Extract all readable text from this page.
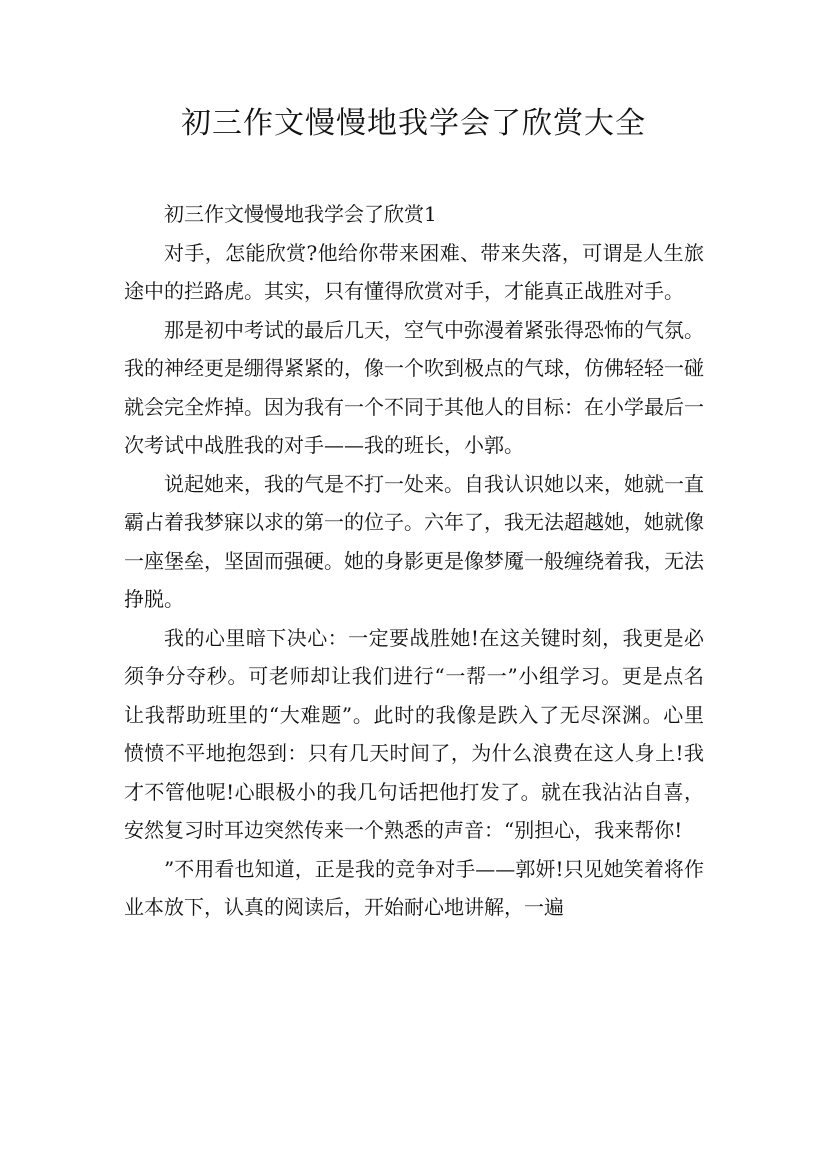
初三作文慢慢地我学会了欣赏大全

初三作文慢慢地我学会了欣赏1

对手，怎能欣赏?他给你带来困难、带来失落，可谓是人生旅途中的拦路虎。其实，只有懂得欣赏对手，才能真正战胜对手。

那是初中考试的最后几天，空气中弥漫着紧张得恐怖的气氛。我的神经更是绷得紧紧的，像一个吹到极点的气球，仿佛轻轻一碰就会完全炸掉。因为我有一个不同于其他人的目标：在小学最后一次考试中战胜我的对手——我的班长，小郭。

说起她来，我的气是不打一处来。自我认识她以来，她就一直霸占着我梦寐以求的第一的位子。六年了，我无法超越她，她就像一座堡垒，坚固而强硬。她的身影更是像梦魇一般缠绕着我，无法挣脱。

我的心里暗下决心：一定要战胜她!在这关键时刻，我更是必须争分夺秒。可老师却让我们进行“一帮一”小组学习。更是点名让我帮助班里的“大难题”。此时的我像是跌入了无尽深渊。心里愤愤不平地抱怨到：只有几天时间了，为什么浪费在这人身上!我才不管他呢!心眼极小的我几句话把他打发了。就在我沾沾自喜，安然复习时耳边突然传来一个熟悉的声音：“别担心，我来帮你!

”不用看也知道，正是我的竞争对手——郭妍!只见她笑着将作业本放下，认真的阅读后，开始耐心地讲解，一遍
